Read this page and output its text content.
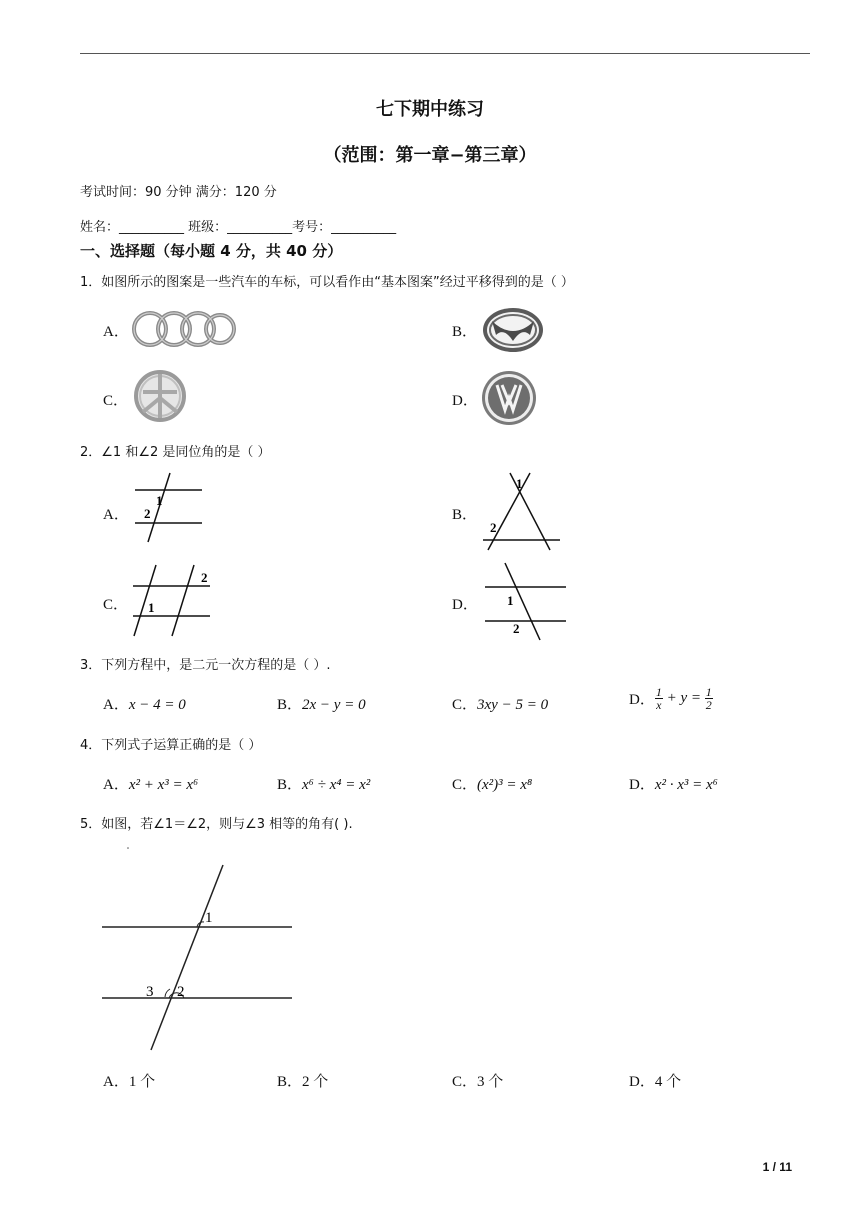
七下期中练习
（范围：第一章−第三章）
考试时间：90 分钟 满分：120 分
姓名：__________ 班级：__________考号：__________
一、选择题（每小题 4 分，共 40 分）
1．如图所示的图案是一些汽车的车标，可以看作由“基本图案”经过平移得到的是（ ）
A．	B．
C．	D．
2．∠1 和∠2 是同位角的是（ ）
A．
1
2	B．
1
2
C．
2
1	D． 1
2
3．下列方程中，是二元一次方程的是（ ）.
A．x − 4 = 0	B．2x − y = 0	C．3xy − 5 = 0	D． $\frac{1}{x} + y = \frac{1}{2}$
4．下列式子运算正确的是（ ）
A．x² + x³ = x⁶	B．x⁶ ÷ x⁴ = x²	C．(x²)³ = x⁸	D．x² · x³ = x⁶
5．如图，若∠1＝∠2，则与∠3 相等的角有( ).
1
3 2
A．1 个	B．2 个	C．3 个	D．4 个
1 / 11
